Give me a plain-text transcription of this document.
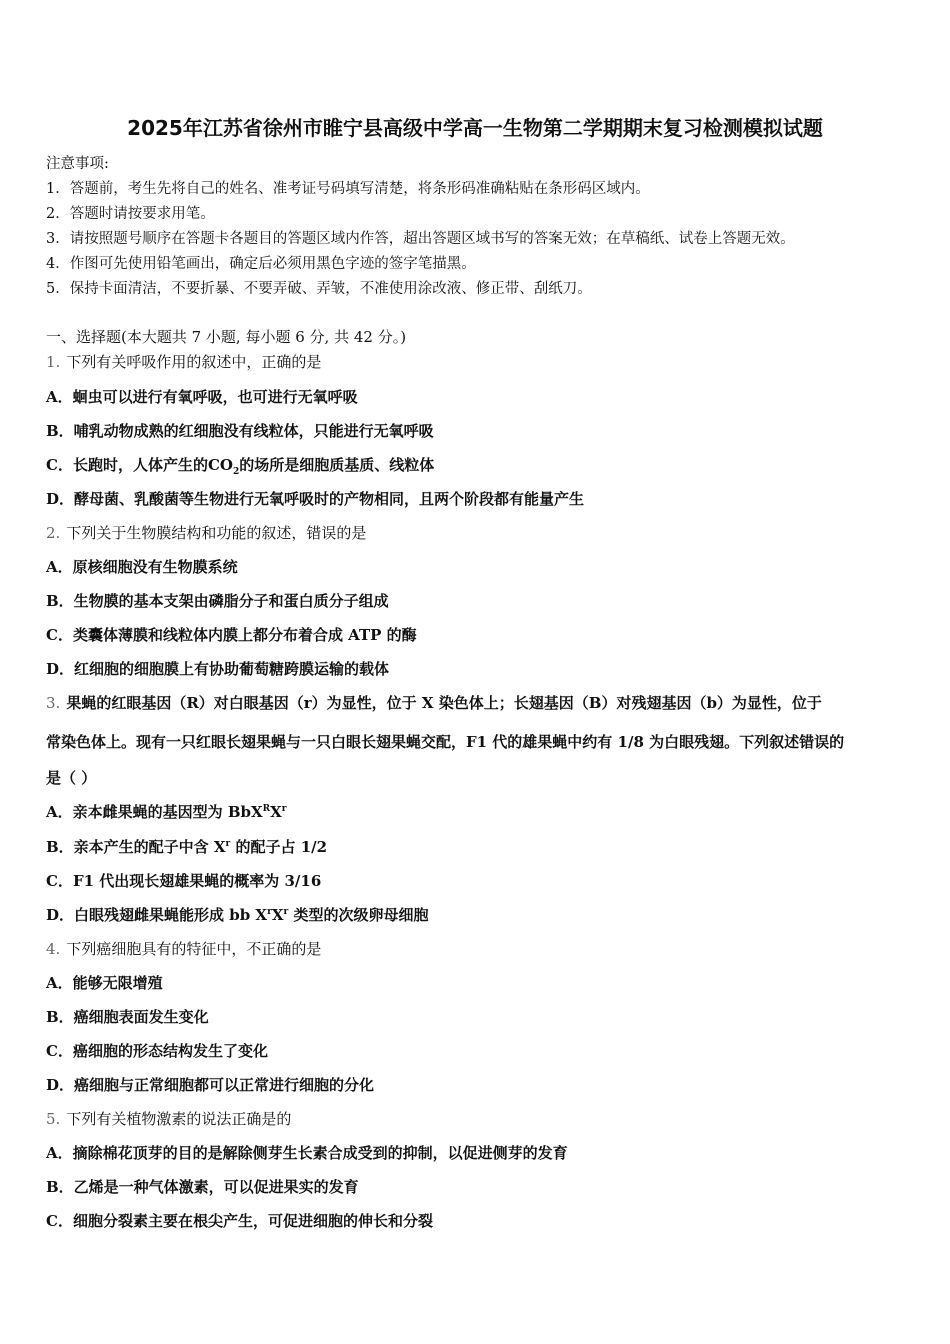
2025年江苏省徐州市睢宁县高级中学高一生物第二学期期末复习检测模拟试题
注意事项:
1．答题前，考生先将自己的姓名、准考证号码填写清楚，将条形码准确粘贴在条形码区域内。
2．答题时请按要求用笔。
3．请按照题号顺序在答题卡各题目的答题区域内作答，超出答题区域书写的答案无效；在草稿纸、试卷上答题无效。
4．作图可先使用铅笔画出，确定后必须用黑色字迹的签字笔描黑。
5．保持卡面清洁，不要折暴、不要弄破、弄皱，不准使用涂改液、修正带、刮纸刀。
一、选择题(本大题共 7 小题, 每小题 6 分, 共 42 分。)
1. 下列有关呼吸作用的叙述中，正确的是
A．蛔虫可以进行有氧呼吸，也可进行无氧呼吸
B．哺乳动物成熟的红细胞没有线粒体，只能进行无氧呼吸
C．长跑时，人体产生的$CO_2$的场所是细胞质基质、线粒体
D．酵母菌、乳酸菌等生物进行无氧呼吸时的产物相同，且两个阶段都有能量产生
2. 下列关于生物膜结构和功能的叙述，错误的是
A．原核细胞没有生物膜系统
B．生物膜的基本支架由磷脂分子和蛋白质分子组成
C．类囊体薄膜和线粒体内膜上都分布着合成 ATP 的酶
D．红细胞的细胞膜上有协助葡萄糖跨膜运输的载体
3. 果蝇的红眼基因（R）对白眼基因（r）为显性，位于 X 染色体上；长翅基因（B）对残翅基因（b）为显性，位于
常染色体上。现有一只红眼长翅果蝇与一只白眼长翅果蝇交配，F1 代的雄果蝇中约有 1/8 为白眼残翅。下列叙述错误的
是（ ）
A．亲本雌果蝇的基因型为 $BbX^RX^r$
B．亲本产生的配子中含 $X^r$ 的配子占 1/2
C．F1 代出现长翅雄果蝇的概率为 3/16
D．白眼残翅雌果蝇能形成 bb $X^rX^r$ 类型的次级卵母细胞
4. 下列癌细胞具有的特征中，不正确的是
A．能够无限增殖
B．癌细胞表面发生变化
C．癌细胞的形态结构发生了变化
D．癌细胞与正常细胞都可以正常进行细胞的分化
5. 下列有关植物激素的说法正确是的
A．摘除棉花顶芽的目的是解除侧芽生长素合成受到的抑制，以促进侧芽的发育
B．乙烯是一种气体激素，可以促进果实的发育
C．细胞分裂素主要在根尖产生，可促进细胞的伸长和分裂
